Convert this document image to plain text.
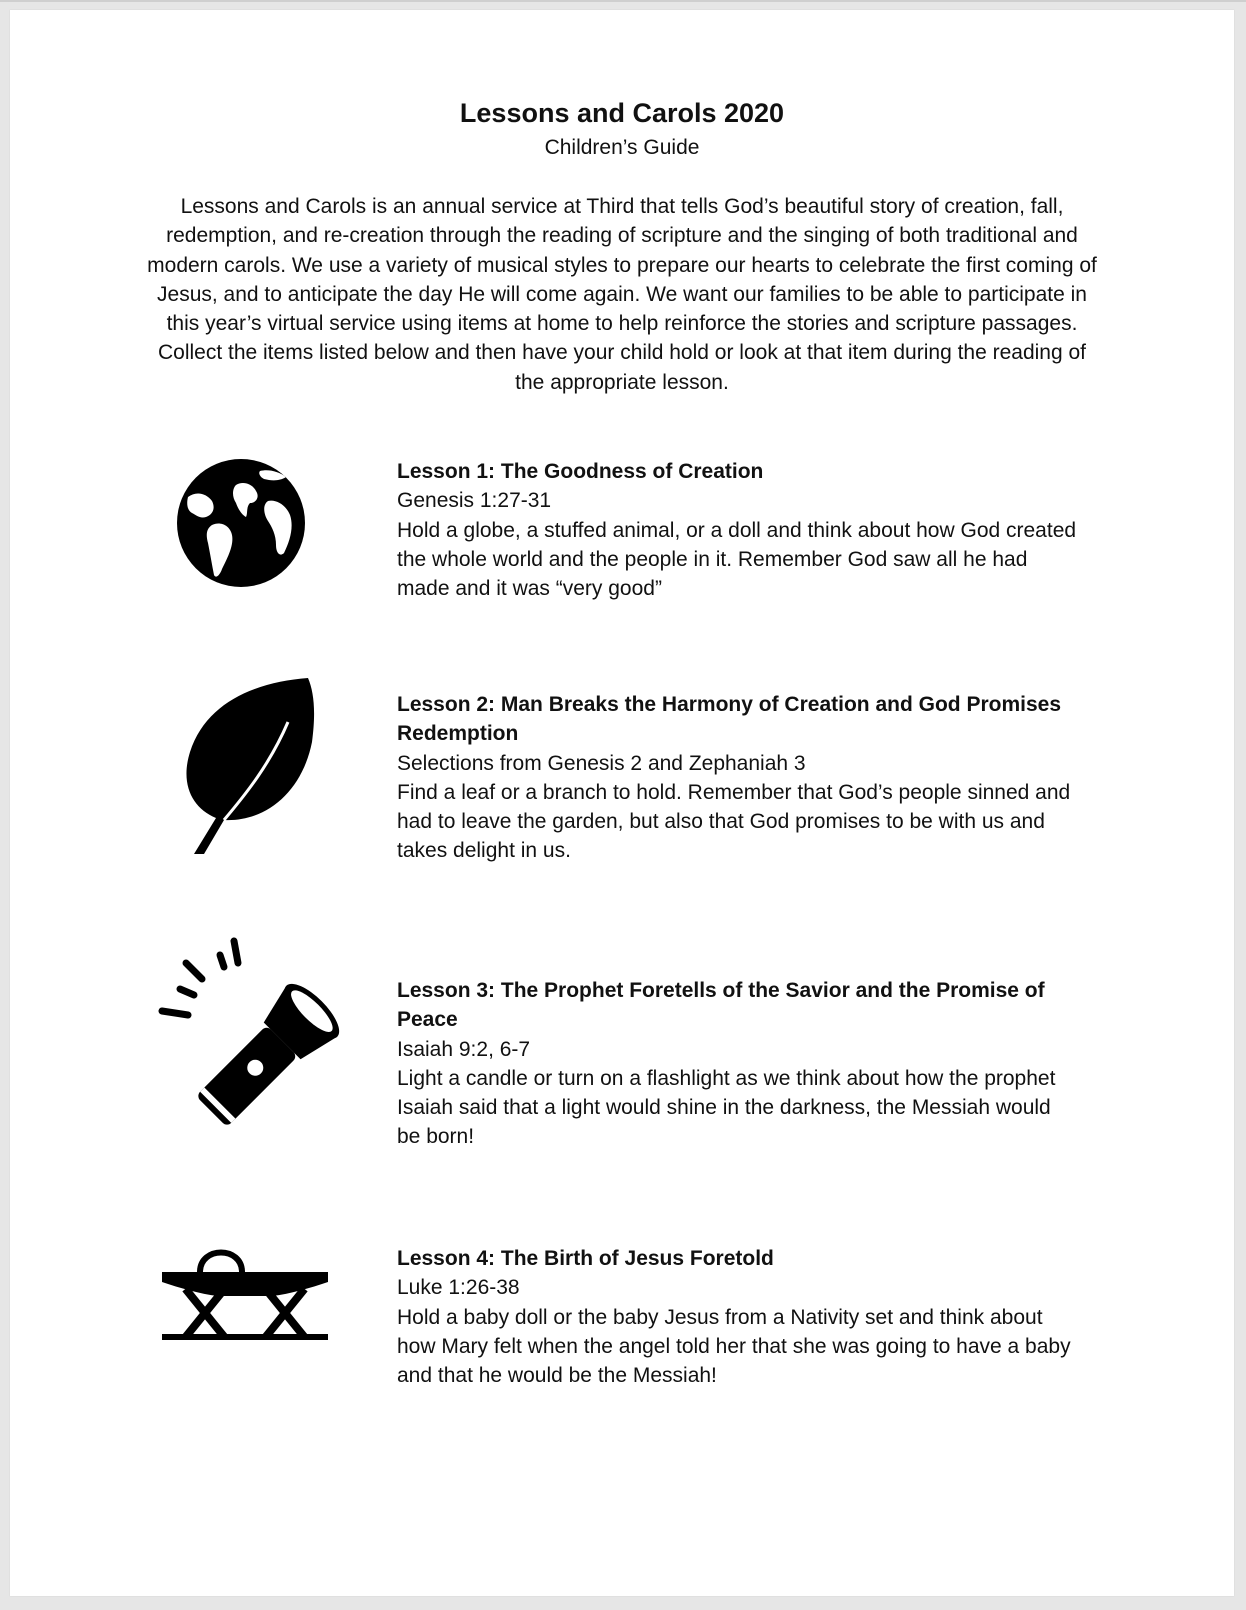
Lessons and Carols 2020
Children’s Guide
Lessons and Carols is an annual service at Third that tells God’s beautiful story of creation, fall, redemption, and re-creation through the reading of scripture and the singing of both traditional and modern carols. We use a variety of musical styles to prepare our hearts to celebrate the first coming of Jesus, and to anticipate the day He will come again. We want our families to be able to participate in this year’s virtual service using items at home to help reinforce the stories and scripture passages. Collect the items listed below and then have your child hold or look at that item during the reading of the appropriate lesson.
Lesson 1: The Goodness of Creation
Genesis 1:27-31
Hold a globe, a stuffed animal, or a doll and think about how God created the whole world and the people in it. Remember God saw all he had made and it was “very good”
Lesson 2: Man Breaks the Harmony of Creation and God Promises Redemption
Selections from Genesis 2 and Zephaniah 3
Find a leaf or a branch to hold. Remember that God’s people sinned and had to leave the garden, but also that God promises to be with us and takes delight in us.
Lesson 3: The Prophet Foretells of the Savior and the Promise of Peace
Isaiah 9:2, 6-7
Light a candle or turn on a flashlight as we think about how the prophet Isaiah said that a light would shine in the darkness, the Messiah would be born!
Lesson 4: The Birth of Jesus Foretold
Luke 1:26-38
Hold a baby doll or the baby Jesus from a Nativity set and think about how Mary felt when the angel told her that she was going to have a baby and that he would be the Messiah!
